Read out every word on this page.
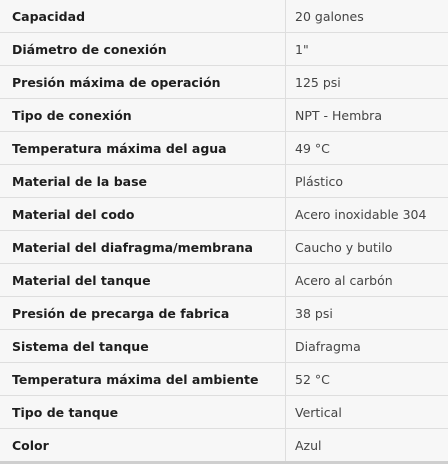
Capacidad	20 galones
Diámetro de conexión	1"
Presión máxima de operación	125 psi
Tipo de conexión	NPT - Hembra
Temperatura máxima del agua	49 °C
Material de la base	Plástico
Material del codo	Acero inoxidable 304
Material del diafragma/membrana	Caucho y butilo
Material del tanque	Acero al carbón
Presión de precarga de fabrica	38 psi
Sistema del tanque	Diafragma
Temperatura máxima del ambiente	52 °C
Tipo de tanque	Vertical
Color	Azul
